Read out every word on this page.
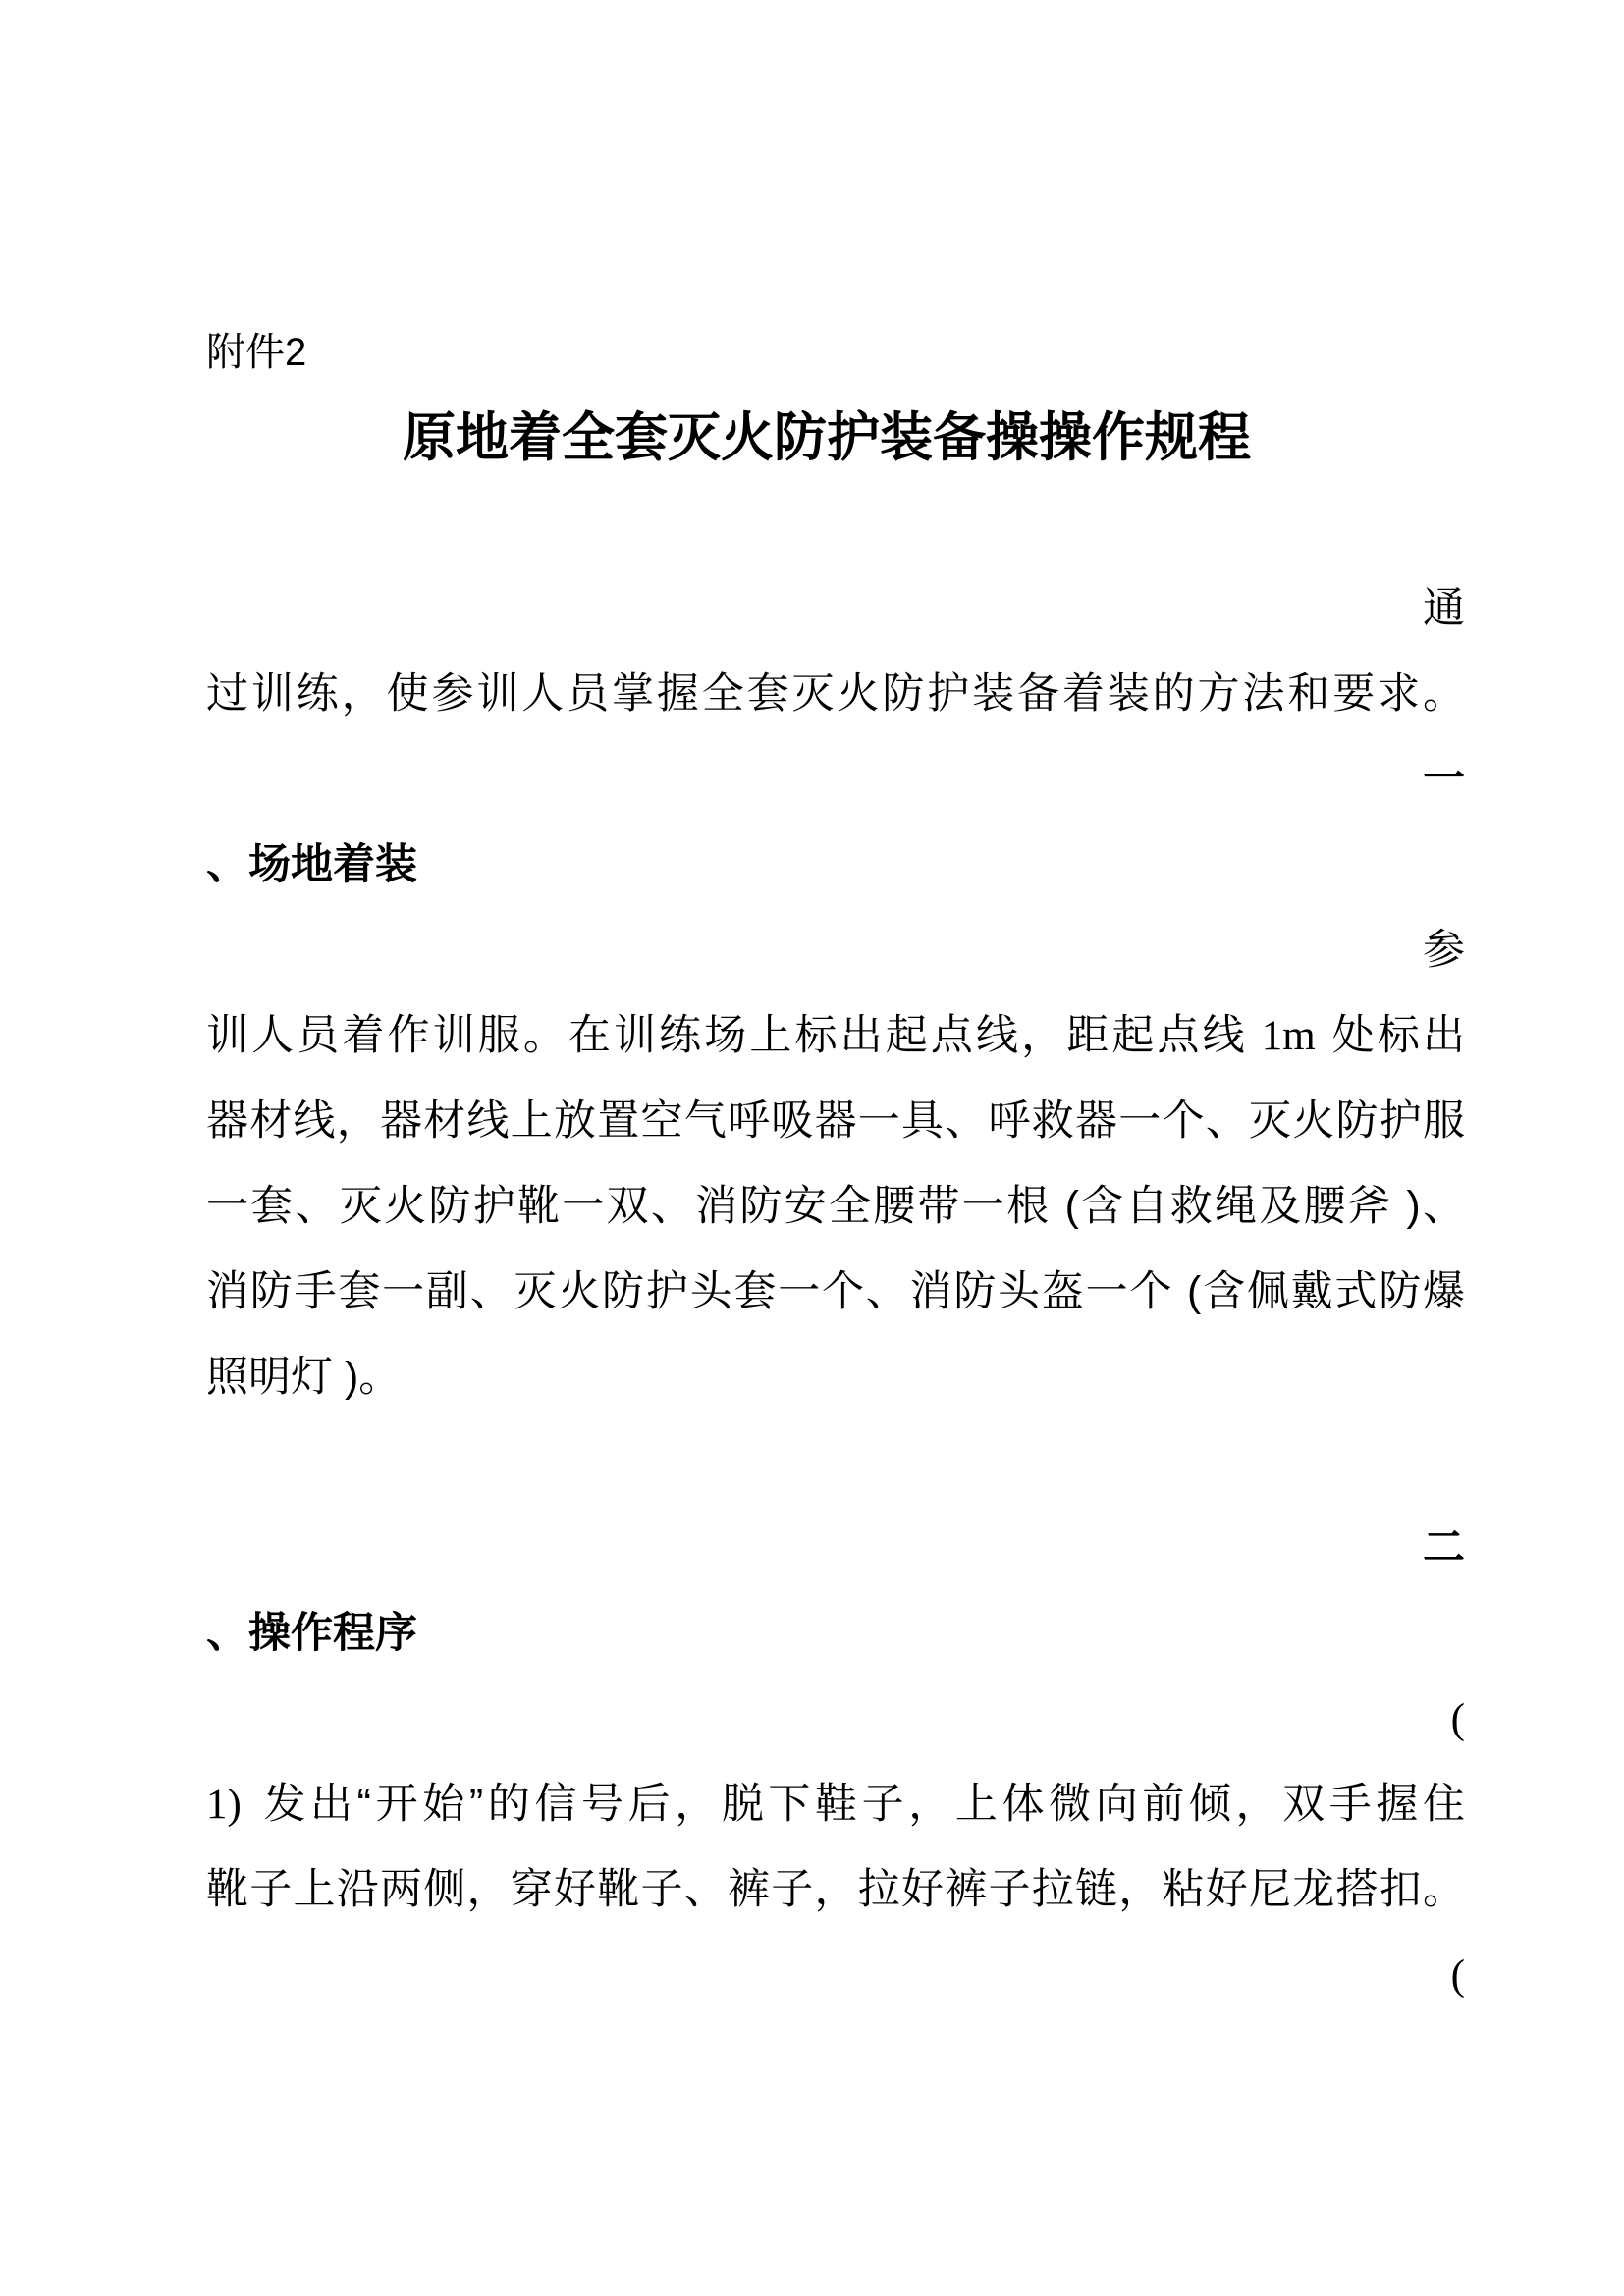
附件2
原地着全套灭火防护装备操操作规程
通
过训练，使参训人员掌握全套灭火防护装备着装的方法和要求。
一
、场地着装
参
训人员着作训服。在训练场上标出起点线，距起点线 1m 处标出
器材线，器材线上放置空气呼吸器一具、呼救器一个、灭火防护服
一套、灭火防护靴一双、消防安全腰带一根 (含自救绳及腰斧 )、
消防手套一副、灭火防护头套一个、消防头盔一个 (含佩戴式防爆
照明灯 )。
二
、操作程序
(
1) 发出“开始”的信号后，脱下鞋子，上体微向前倾，双手握住
靴子上沿两侧，穿好靴子、裤子，拉好裤子拉链，粘好尼龙搭扣。
(
